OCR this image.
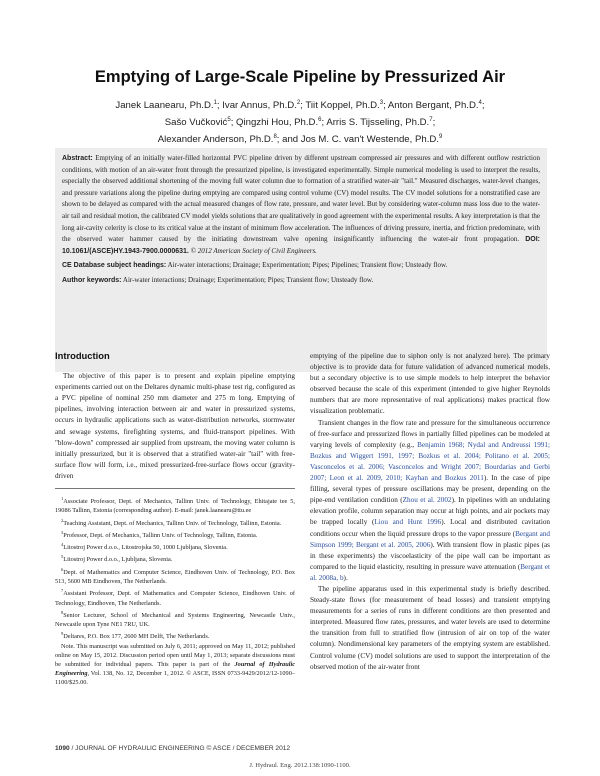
Emptying of Large-Scale Pipeline by Pressurized Air
Janek Laanearu, Ph.D.$^1$; Ivar Annus, Ph.D.$^2$; Tiit Koppel, Ph.D.$^3$; Anton Bergant, Ph.D.$^4$;
Sašo Vučković$^5$; Qingzhi Hou, Ph.D.$^6$; Arris S. Tijsseling, Ph.D.$^7$;
Alexander Anderson, Ph.D.$^8$; and Jos M. C. van't Westende, Ph.D.$^9$
Abstract: Emptying of an initially water-filled horizontal PVC pipeline driven by different upstream compressed air pressures and with different outflow restriction conditions, with motion of an air-water front through the pressurized pipeline, is investigated experimentally. Simple numerical modeling is used to interpret the results, especially the observed additional shortening of the moving full water column due to formation of a stratified water-air "tail." Measured discharges, water-level changes, and pressure variations along the pipeline during emptying are compared using control volume (CV) model results. The CV model solutions for a nonstratified case are shown to be delayed as compared with the actual measured changes of flow rate, pressure, and water level. But by considering water-column mass loss due to the water-air tail and residual motion, the calibrated CV model yields solutions that are qualitatively in good agreement with the experimental results. A key interpretation is that the long air-cavity celerity is close to its critical value at the instant of minimum flow acceleration. The influences of driving pressure, inertia, and friction predominate, with the observed water hammer caused by the initiating downstream valve opening insignificantly influencing the water-air front propagation. DOI: 10.1061/(ASCE)HY.1943-7900.0000631. © 2012 American Society of Civil Engineers.
CE Database subject headings: Air-water interactions; Drainage; Experimentation; Pipes; Pipelines; Transient flow; Unsteady flow.
Author keywords: Air-water interactions; Drainage; Experimentation; Pipes; Transient flow; Unsteady flow.
Introduction

The objective of this paper is to present and explain pipeline emptying experiments carried out on the Deltares dynamic multi-phase test rig, configured as a PVC pipeline of nominal 250 mm diameter and 275 m long. Emptying of pipelines, involving interaction between air and water in pressurized systems, occurs in hydraulic applications such as water-distribution networks, stormwater and sewage systems, firefighting systems, and fluid-transport pipelines. With "blow-down" compressed air supplied from upstream, the moving water column is initially pressurized, but it is observed that a stratified water-air "tail" with free-surface flow will form, i.e., mixed pressurized-free-surface flows occur (gravity-driven

$^1$Associate Professor, Dept. of Mechanics, Tallinn Univ. of Technology, Ehitajate tee 5, 19086 Tallinn, Estonia (corresponding author). E-mail: janek.laanearu@ttu.ee

$^2$Teaching Assistant, Dept. of Mechanics, Tallinn Univ. of Technology, Tallinn, Estonia.

$^3$Professor, Dept. of Mechanics, Tallinn Univ. of Technology, Tallinn, Estonia.

$^4$Litostroj Power d.o.o., Litostrojska 50, 1000 Ljubljana, Slovenia.

$^5$Litostroj Power d.o.o., Ljubljana, Slovenia.

$^6$Dept. of Mathematics and Computer Science, Eindhoven Univ. of Technology, P.O. Box 513, 5600 MB Eindhoven, The Netherlands.

$^7$Assistant Professor, Dept. of Mathematics and Computer Science, Eindhoven Univ. of Technology, Eindhoven, The Netherlands.

$^8$Senior Lecturer, School of Mechanical and Systems Engineering, Newcastle Univ., Newcastle upon Tyne NE1 7RU, UK.

$^9$Deltares, P.O. Box 177, 2600 MH Delft, The Netherlands.

Note. This manuscript was submitted on July 6, 2011; approved on May 11, 2012; published online on May 15, 2012. Discussion period open until May 1, 2013; separate discussions must be submitted for individual papers. This paper is part of the Journal of Hydraulic Engineering, Vol. 138, No. 12, December 1, 2012. © ASCE, ISSN 0733-9429/2012/12-1090–1100/$25.00.

emptying of the pipeline due to siphon only is not analyzed here). The primary objective is to provide data for future validation of advanced numerical models, but a secondary objective is to use simple models to help interpret the behavior observed because the scale of this experiment (intended to give higher Reynolds numbers that are more representative of real applications) makes practical flow visualization problematic.

Transient changes in the flow rate and pressure for the simultaneous occurrence of free-surface and pressurized flows in partially filled pipelines can be modeled at varying levels of complexity (e.g., Benjamin 1968; Nydal and Andreussi 1991; Bozkus and Wiggert 1991, 1997; Bozkus et al. 2004; Politano et al. 2005; Vasconcelos et al. 2006; Vasconcelos and Wright 2007; Bourdarias and Gerbi 2007; Leon et al. 2009, 2010; Kayhan and Bozkus 2011). In the case of pipe filling, several types of pressure oscillations may be present, depending on the pipe-end ventilation condition (Zhou et al. 2002). In pipelines with an undulating elevation profile, column separation may occur at high points, and air pockets may be trapped locally (Liou and Hunt 1996). Local and distributed cavitation conditions occur when the liquid pressure drops to the vapor pressure (Bergant and Simpson 1999; Bergant et al. 2005, 2006). With transient flow in plastic pipes (as in these experiments) the viscoelasticity of the pipe wall can be important as compared to the liquid elasticity, resulting in pressure wave attenuation (Bergant et al. 2008a, b).

The pipeline apparatus used in this experimental study is briefly described. Steady-state flows (for measurement of head losses) and transient emptying measurements for a series of runs in different conditions are then presented and interpreted. Measured flow rates, pressures, and water levels are used to determine the transition from full to stratified flow (intrusion of air on top of the water column). Nondimensional key parameters of the emptying system are established. Control volume (CV) model solutions are used to support the interpretation of the observed motion of the air-water front

1090 / JOURNAL OF HYDRAULIC ENGINEERING © ASCE / DECEMBER 2012
J. Hydraul. Eng. 2012.138:1090-1100.
